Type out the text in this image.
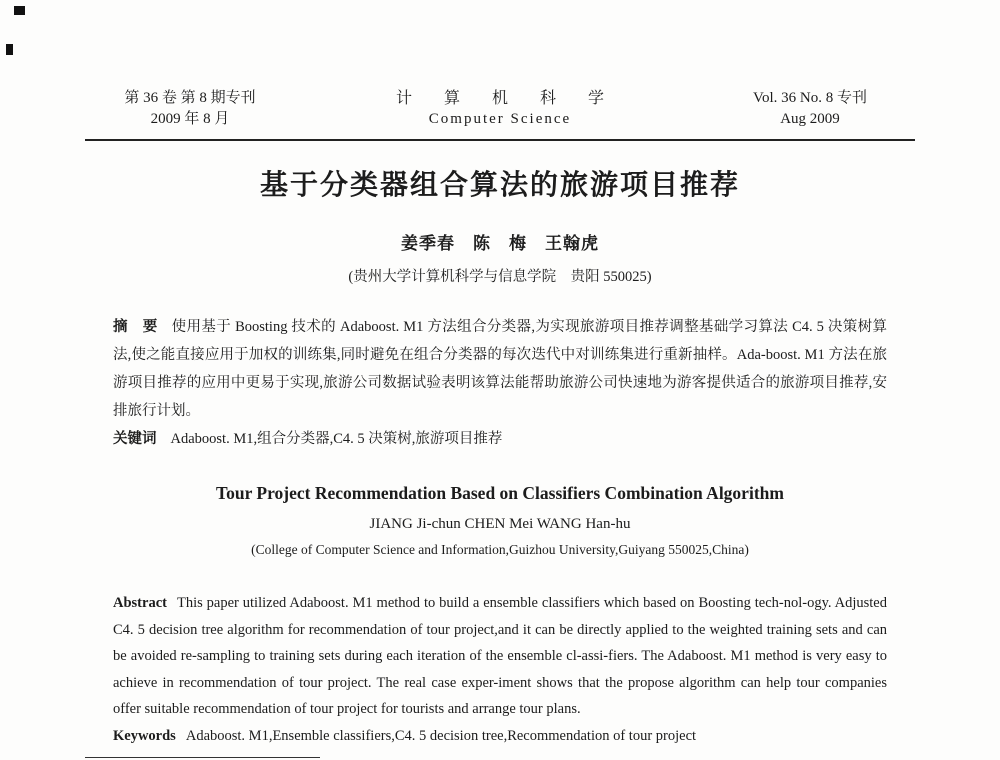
第 36 卷 第 8 期专刊
2009 年 8 月
计 算 机 科 学
Computer Science
Vol. 36 No. 8 专刊
Aug 2009
基于分类器组合算法的旅游项目推荐
姜季春　陈　梅　王翰虎
(贵州大学计算机科学与信息学院　贵阳 550025)

摘　要 使用基于 Boosting 技术的 Adaboost. M1 方法组合分类器,为实现旅游项目推荐调整基础学习算法 C4. 5 决策树算法,使之能直接应用于加权的训练集,同时避免在组合分类器的每次迭代中对训练集进行重新抽样。Ada-boost. M1 方法在旅游项目推荐的应用中更易于实现,旅游公司数据试验表明该算法能帮助旅游公司快速地为游客提供适合的旅游项目推荐,安排旅行计划。

关键词 Adaboost. M1,组合分类器,C4. 5 决策树,旅游项目推荐

Tour Project Recommendation Based on Classifiers Combination Algorithm
JIANG Ji-chun CHEN Mei WANG Han-hu
(College of Computer Science and Information,Guizhou University,Guiyang 550025,China)

Abstract This paper utilized Adaboost. M1 method to build a ensemble classifiers which based on Boosting tech-nol-ogy. Adjusted C4. 5 decision tree algorithm for recommendation of tour project,and it can be directly applied to the weighted training sets and can be avoided re-sampling to training sets during each iteration of the ensemble cl-assi-fiers. The Adaboost. M1 method is very easy to achieve in recommendation of tour project. The real case exper-iment shows that the propose algorithm can help tour companies offer suitable recommendation of tour project for tourists and arrange tour plans.

Keywords Adaboost. M1,Ensemble classifiers,C4. 5 decision tree,Recommendation of tour project
